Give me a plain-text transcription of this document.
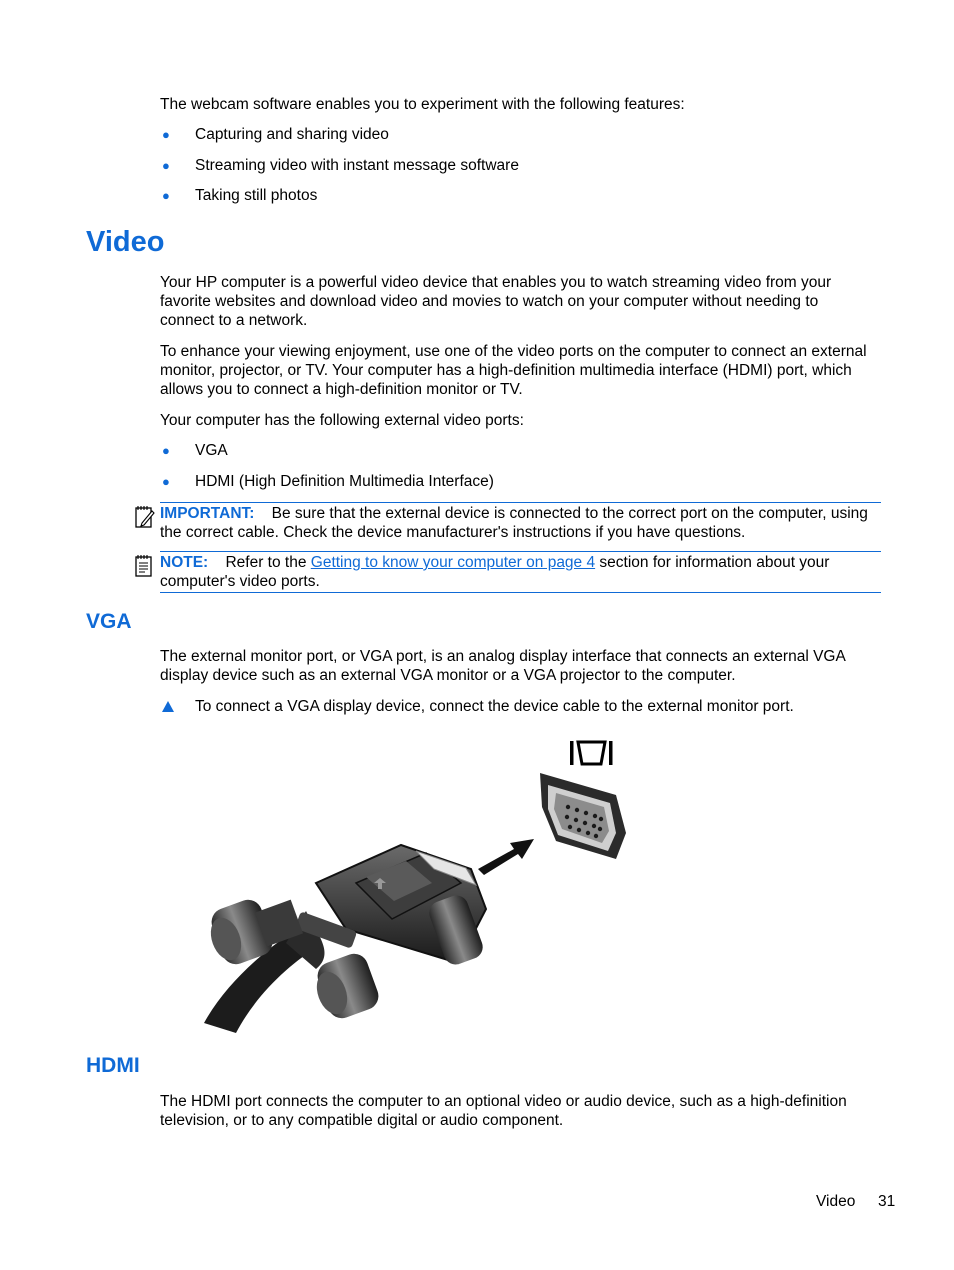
The webcam software enables you to experiment with the following features:

● Capturing and sharing video
● Streaming video with instant message software
● Taking still photos
Video

Your HP computer is a powerful video device that enables you to watch streaming video from your favorite websites and download video and movies to watch on your computer without needing to connect to a network.

To enhance your viewing enjoyment, use one of the video ports on the computer to connect an external monitor, projector, or TV. Your computer has a high-definition multimedia interface (HDMI) port, which allows you to connect a high-definition monitor or TV.

Your computer has the following external video ports:

● VGA
● HDMI (High Definition Multimedia Interface)

IMPORTANT: Be sure that the external device is connected to the correct port on the computer, using the correct cable. Check the device manufacturer's instructions if you have questions.

NOTE: Refer to the Getting to know your computer on page 4 section for information about your computer's video ports.

VGA

The external monitor port, or VGA port, is an analog display interface that connects an external VGA display device such as an external VGA monitor or a VGA projector to the computer.

To connect a VGA display device, connect the device cable to the external monitor port.
HDMI

The HDMI port connects the computer to an optional video or audio device, such as a high-definition television, or to any compatible digital or audio component.

Video 31
